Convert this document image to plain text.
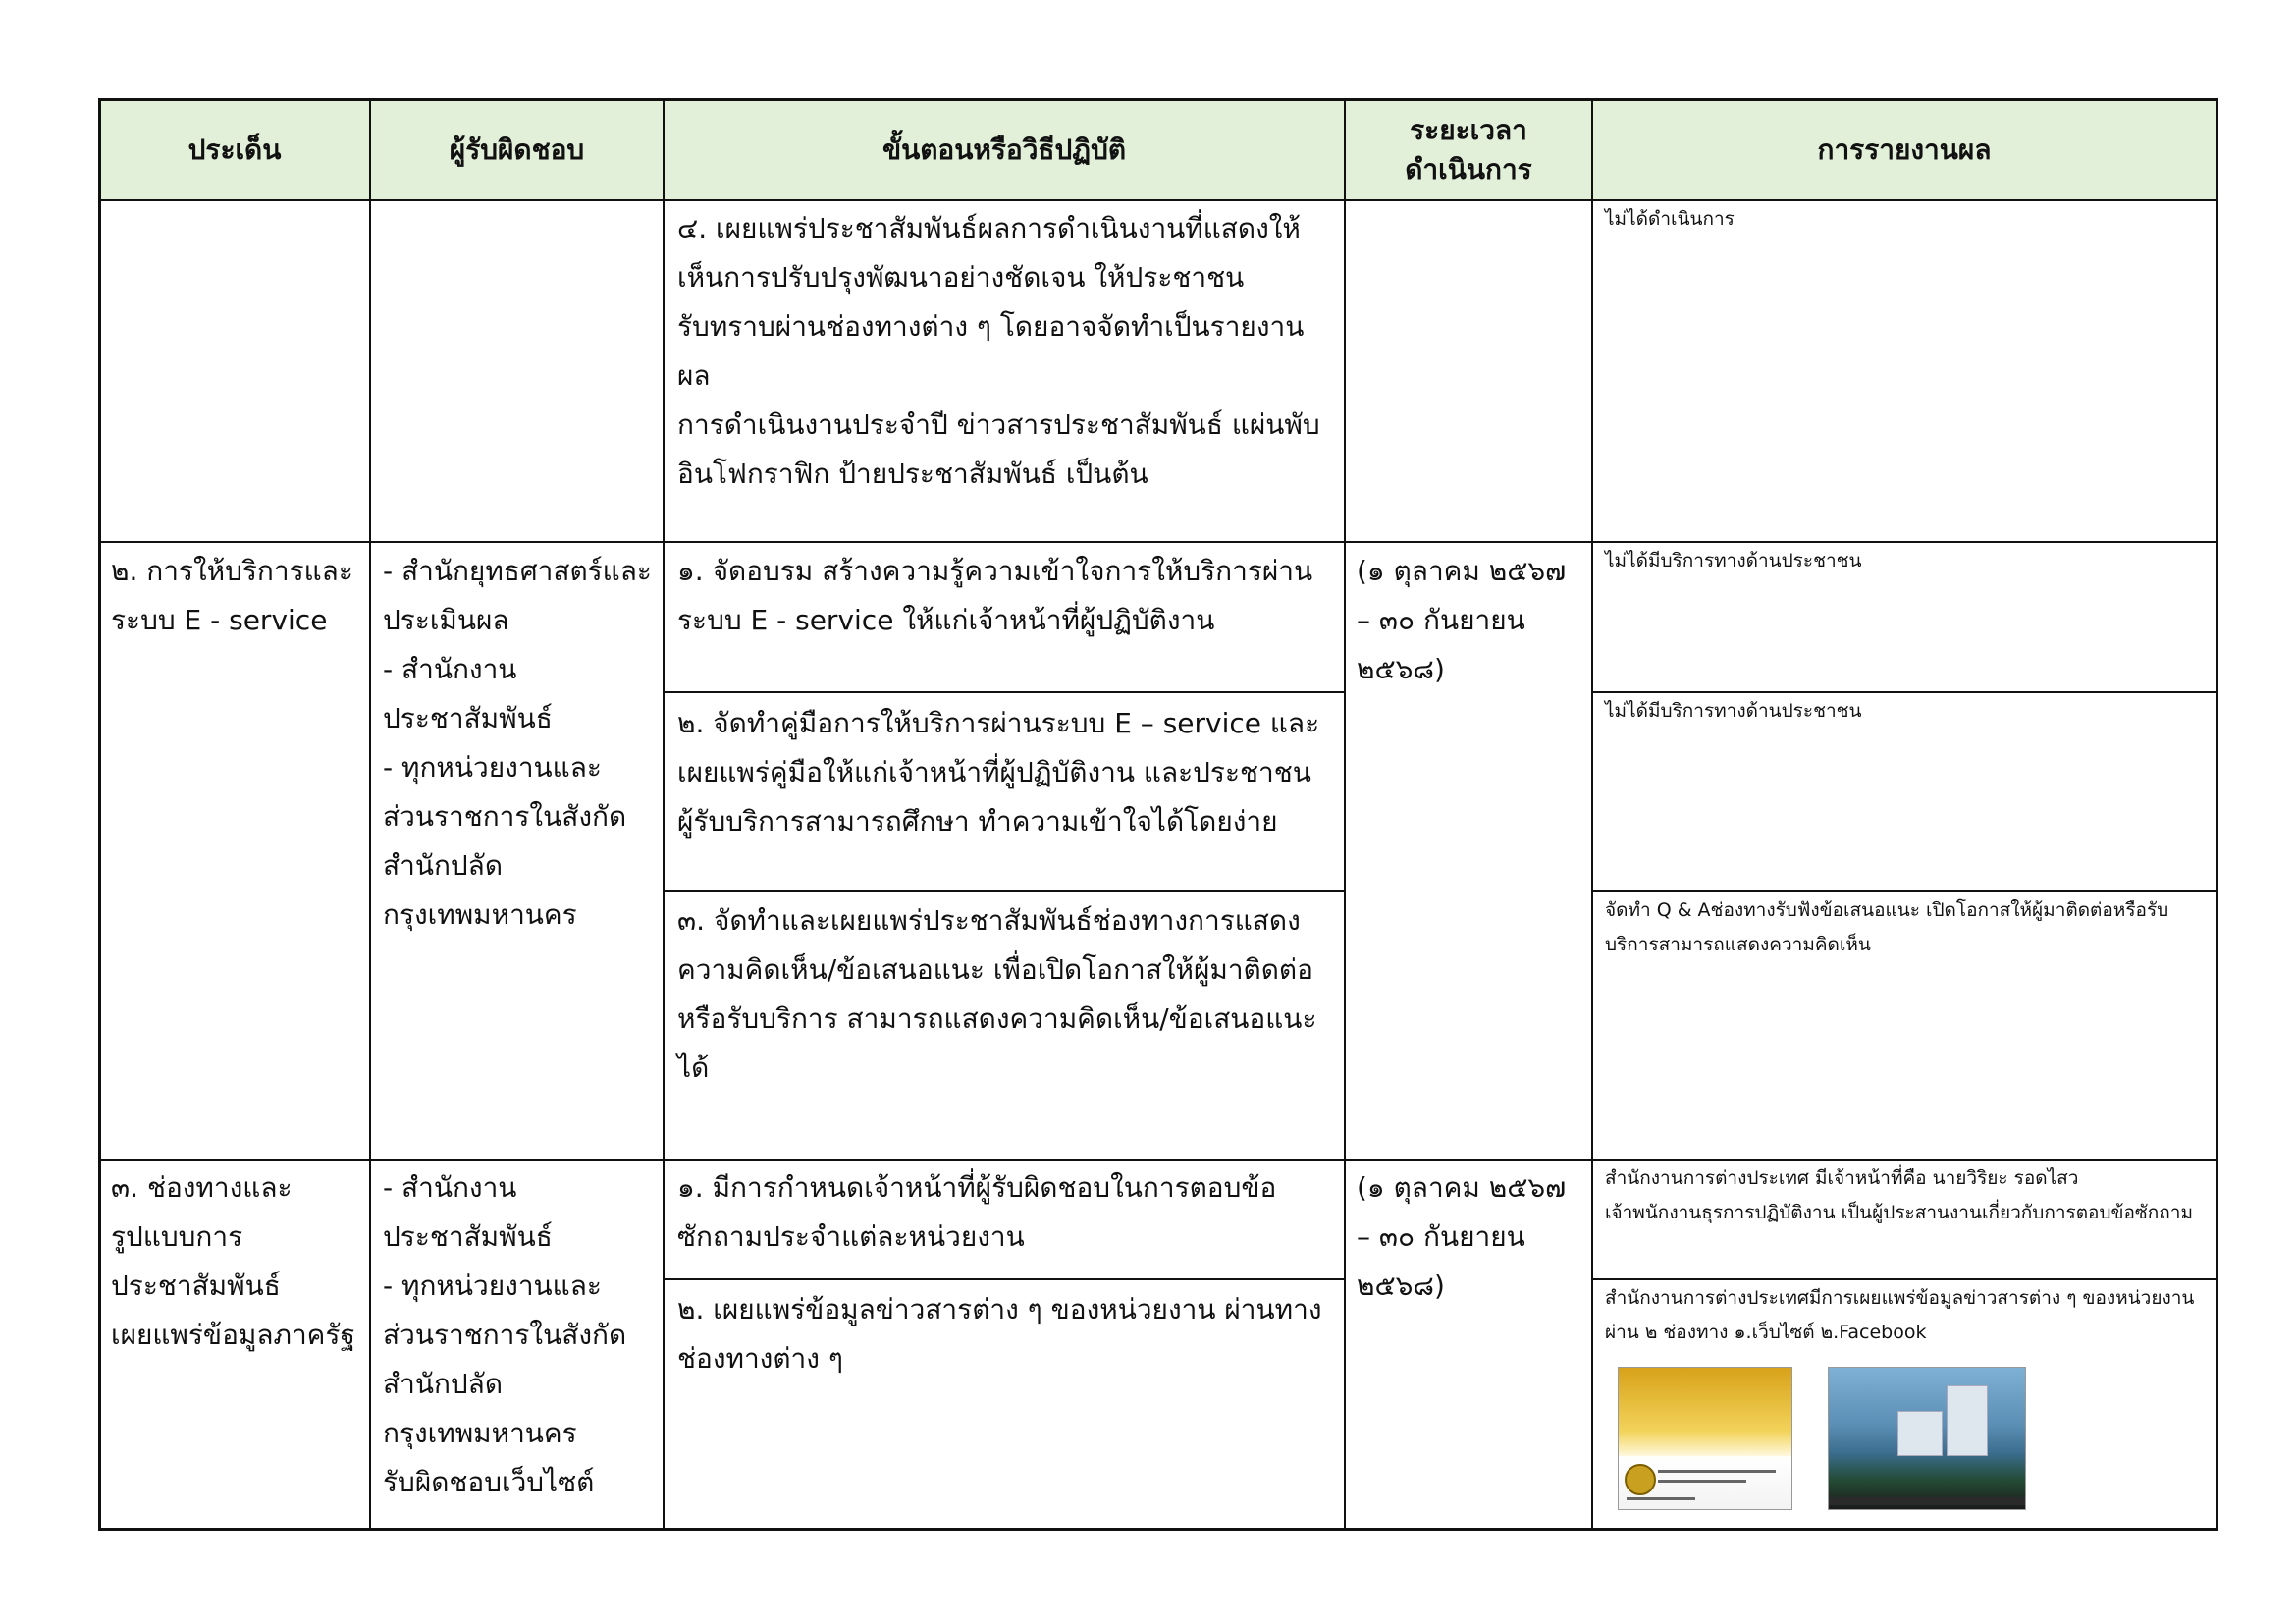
ประเด็น	ผู้รับผิดชอบ	ขั้นตอนหรือวิธีปฏิบัติ
ระยะเวลา
ดำเนินการ
การรายงานผล
๔. เผยแพร่ประชาสัมพันธ์ผลการดำเนินงานที่แสดงให้
เห็นการปรับปรุงพัฒนาอย่างชัดเจน ให้ประชาชน
รับทราบผ่านช่องทางต่าง ๆ โดยอาจจัดทำเป็นรายงานผล
การดำเนินงานประจำปี ข่าวสารประชาสัมพันธ์ แผ่นพับ
อินโฟกราฟิก ป้ายประชาสัมพันธ์ เป็นต้น
ไม่ได้ดำเนินการ
๒. การให้บริการและ
ระบบ E - service
- สำนักยุทธศาสตร์และ
ประเมินผล
- สำนักงาน
ประชาสัมพันธ์
- ทุกหน่วยงานและ
ส่วนราชการในสังกัด
สำนักปลัด
กรุงเทพมหานคร
๑. จัดอบรม สร้างความรู้ความเข้าใจการให้บริการผ่าน
ระบบ E - service ให้แก่เจ้าหน้าที่ผู้ปฏิบัติงาน
๒. จัดทำคู่มือการให้บริการผ่านระบบ E – service และ
เผยแพร่คู่มือให้แก่เจ้าหน้าที่ผู้ปฏิบัติงาน และประชาชน
ผู้รับบริการสามารถศึกษา ทำความเข้าใจได้โดยง่าย
๓. จัดทำและเผยแพร่ประชาสัมพันธ์ช่องทางการแสดง
ความคิดเห็น/ข้อเสนอแนะ เพื่อเปิดโอกาสให้ผู้มาติดต่อ
หรือรับบริการ สามารถแสดงความคิดเห็น/ข้อเสนอแนะ
ได้
(๑ ตุลาคม ๒๕๖๗
– ๓๐ กันยายน
๒๕๖๘)
ไม่ได้มีบริการทางด้านประชาชน
ไม่ได้มีบริการทางด้านประชาชน
จัดทำ Q & Aช่องทางรับฟังข้อเสนอแนะ เปิดโอกาสให้ผู้มาติดต่อหรือรับ
บริการสามารถแสดงความคิดเห็น
๓. ช่องทางและ
รูปแบบการ
ประชาสัมพันธ์
เผยแพร่ข้อมูลภาครัฐ
- สำนักงาน
ประชาสัมพันธ์
- ทุกหน่วยงานและ
ส่วนราชการในสังกัด
สำนักปลัด
กรุงเทพมหานคร
รับผิดชอบเว็บไซต์
๑. มีการกำหนดเจ้าหน้าที่ผู้รับผิดชอบในการตอบข้อ
ซักถามประจำแต่ละหน่วยงาน
๒. เผยแพร่ข้อมูลข่าวสารต่าง ๆ ของหน่วยงาน ผ่านทาง
ช่องทางต่าง ๆ
(๑ ตุลาคม ๒๕๖๗
– ๓๐ กันยายน
๒๕๖๘)
สำนักงานการต่างประเทศ มีเจ้าหน้าที่คือ นายวิริยะ รอดไสว
เจ้าพนักงานธุรการปฏิบัติงาน เป็นผู้ประสานงานเกี่ยวกับการตอบข้อซักถาม
สำนักงานการต่างประเทศมีการเผยแพร่ข้อมูลข่าวสารต่าง ๆ ของหน่วยงาน
ผ่าน ๒ ช่องทาง ๑.เว็บไซต์ ๒.Facebook
